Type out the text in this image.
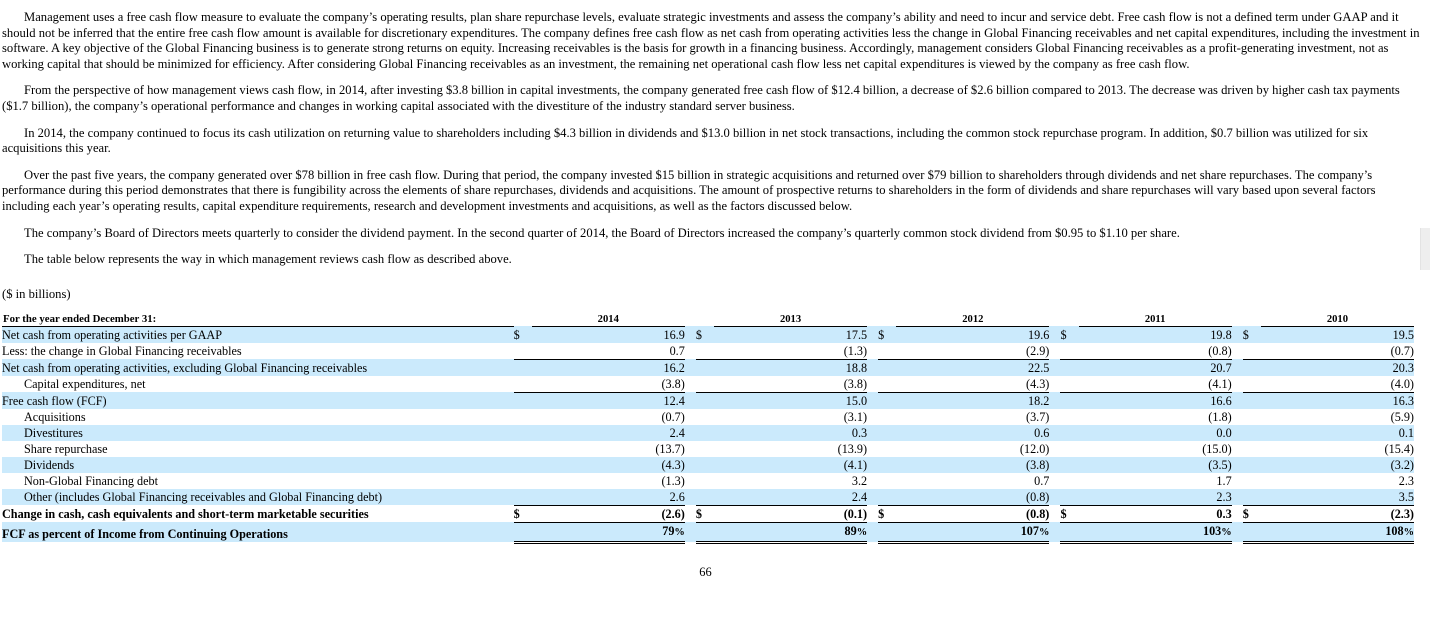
Management uses a free cash flow measure to evaluate the company’s operating results, plan share repurchase levels, evaluate strategic investments and assess the company’s ability and need to incur and service debt. Free cash flow is not a defined term under GAAP and it should not be inferred that the entire free cash flow amount is available for discretionary expenditures. The company defines free cash flow as net cash from operating activities less the change in Global Financing receivables and net capital expenditures, including the investment in software. A key objective of the Global Financing business is to generate strong returns on equity. Increasing receivables is the basis for growth in a financing business. Accordingly, management considers Global Financing receivables as a profit-generating investment, not as working capital that should be minimized for efficiency. After considering Global Financing receivables as an investment, the remaining net operational cash flow less net capital expenditures is viewed by the company as free cash flow.

From the perspective of how management views cash flow, in 2014, after investing $3.8 billion in capital investments, the company generated free cash flow of $12.4 billion, a decrease of $2.6 billion compared to 2013. The decrease was driven by higher cash tax payments ($1.7 billion), the company’s operational performance and changes in working capital associated with the divestiture of the industry standard server business.

In 2014, the company continued to focus its cash utilization on returning value to shareholders including $4.3 billion in dividends and $13.0 billion in net stock transactions, including the common stock repurchase program. In addition, $0.7 billion was utilized for six acquisitions this year.

Over the past five years, the company generated over $78 billion in free cash flow. During that period, the company invested $15 billion in strategic acquisitions and returned over $79 billion to shareholders through dividends and net share repurchases. The company’s performance during this period demonstrates that there is fungibility across the elements of share repurchases, dividends and acquisitions. The amount of prospective returns to shareholders in the form of dividends and share repurchases will vary based upon several factors including each year’s operating results, capital expenditure requirements, research and development investments and acquisitions, as well as the factors discussed below.

The company’s Board of Directors meets quarterly to consider the dividend payment. In the second quarter of 2014, the Board of Directors increased the company’s quarterly common stock dividend from $0.95 to $1.10 per share.

The table below represents the way in which management reviews cash flow as described above.

($ in billions)
For the year ended December 31:		2014			2013			2012			2011			2010
Net cash from operating activities per GAAP	$	16.9		$	17.5		$	19.6		$	19.8		$	19.5
Less: the change in Global Financing receivables		0.7			(1.3)			(2.9)			(0.8)			(0.7)
Net cash from operating activities, excluding Global Financing receivables		16.2			18.8			22.5			20.7			20.3
Capital expenditures, net		(3.8)			(3.8)			(4.3)			(4.1)			(4.0)
Free cash flow (FCF)		12.4			15.0			18.2			16.6			16.3
Acquisitions		(0.7)			(3.1)			(3.7)			(1.8)			(5.9)
Divestitures		2.4			0.3			0.6			0.0			0.1
Share repurchase		(13.7)			(13.9)			(12.0)			(15.0)			(15.4)
Dividends		(4.3)			(4.1)			(3.8)			(3.5)			(3.2)
Non-Global Financing debt		(1.3)			3.2			0.7			1.7			2.3
Other (includes Global Financing receivables and Global Financing debt)		2.6			2.4			(0.8)			2.3			3.5
Change in cash, cash equivalents and short-term marketable securities	$	(2.6)		$	(0.1)		$	(0.8)		$	0.3		$	(2.3)
FCF as percent of Income from Continuing Operations		79%			89%			107%			103%			108%
66
